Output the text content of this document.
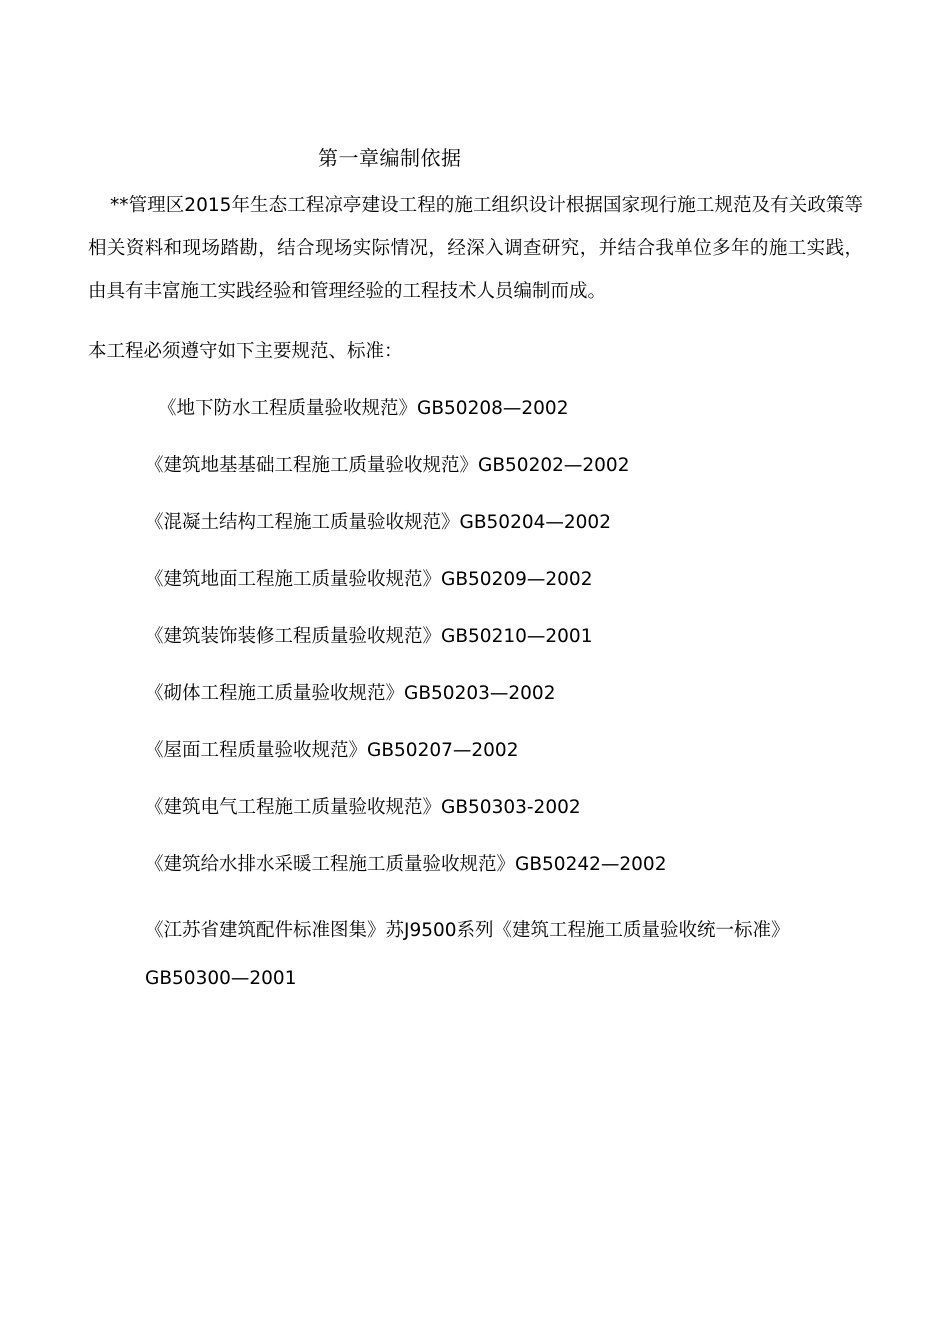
第一章编制依据

**管理区2015年生态工程凉亭建设工程的施工组织设计根据国家现行施工规范及有关政策等相关资料和现场踏勘，结合现场实际情况，经深入调查研究，并结合我单位多年的施工实践，由具有丰富施工实践经验和管理经验的工程技术人员编制而成。

本工程必须遵守如下主要规范、标准：
《地下防水工程质量验收规范》GB50208—2002
《建筑地基基础工程施工质量验收规范》GB50202—2002
《混凝土结构工程施工质量验收规范》GB50204—2002
《建筑地面工程施工质量验收规范》GB50209—2002
《建筑装饰装修工程质量验收规范》GB50210—2001
《砌体工程施工质量验收规范》GB50203—2002
《屋面工程质量验收规范》GB50207—2002
《建筑电气工程施工质量验收规范》GB50303-2002
《建筑给水排水采暖工程施工质量验收规范》GB50242—2002

《江苏省建筑配件标准图集》苏J9500系列《建筑工程施工质量验收统一标准》GB50300—2001
